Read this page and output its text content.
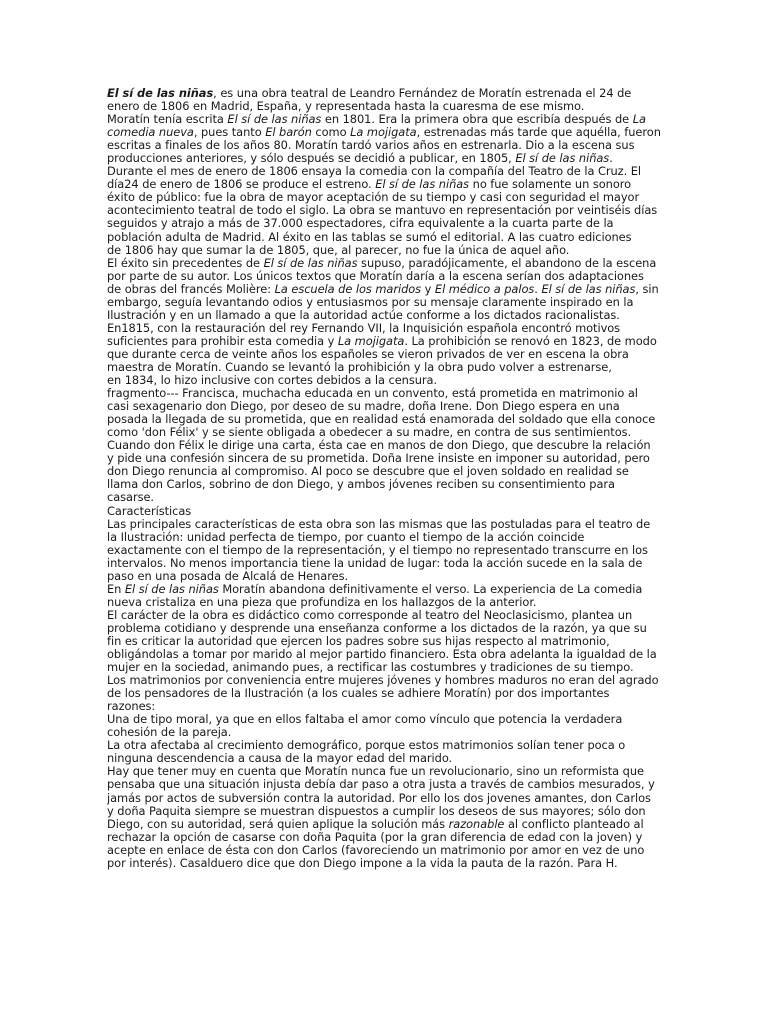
El sí de las niñas, es una obra teatral de Leandro Fernández de Moratín estrenada el 24 de
enero de 1806 en Madrid, España, y representada hasta la cuaresma de ese mismo.
Moratín tenía escrita El sí de las niñas en 1801. Era la primera obra que escribía después de La
comedia nueva, pues tanto El barón como La mojigata, estrenadas más tarde que aquélla, fueron
escritas a finales de los años 80. Moratín tardó varios años en estrenarla. Dio a la escena sus
producciones anteriores, y sólo después se decidió a publicar, en 1805, El sí de las niñas.
Durante el mes de enero de 1806 ensaya la comedia con la compañía del Teatro de la Cruz. El
día24 de enero de 1806 se produce el estreno. El sí de las niñas no fue solamente un sonoro
éxito de público: fue la obra de mayor aceptación de su tiempo y casi con seguridad el mayor
acontecimiento teatral de todo el siglo. La obra se mantuvo en representación por veintiséis días
seguidos y atrajo a más de 37.000 espectadores, cifra equivalente a la cuarta parte de la
población adulta de Madrid. Al éxito en las tablas se sumó el editorial. A las cuatro ediciones
de 1806 hay que sumar la de 1805, que, al parecer, no fue la única de aquel año.
El éxito sin precedentes de El sí de las niñas supuso, paradójicamente, el abandono de la escena
por parte de su autor. Los únicos textos que Moratín daría a la escena serían dos adaptaciones
de obras del francés Molière: La escuela de los maridos y El médico a palos. El sí de las niñas, sin
embargo, seguía levantando odios y entusiasmos por su mensaje claramente inspirado en la
Ilustración y en un llamado a que la autoridad actúe conforme a los dictados racionalistas.
En1815, con la restauración del rey Fernando VII, la Inquisición española encontró motivos
suficientes para prohibir esta comedia y La mojigata. La prohibición se renovó en 1823, de modo
que durante cerca de veinte años los españoles se vieron privados de ver en escena la obra
maestra de Moratín. Cuando se levantó la prohibición y la obra pudo volver a estrenarse,
en 1834, lo hizo inclusive con cortes debidos a la censura.
fragmento--- Francisca, muchacha educada en un convento, está prometida en matrimonio al
casi sexagenario don Diego, por deseo de su madre, doña Irene. Don Diego espera en una
posada la llegada de su prometida, que en realidad está enamorada del soldado que ella conoce
como 'don Félix' y se siente obligada a obedecer a su madre, en contra de sus sentimientos.
Cuando don Félix le dirige una carta, ésta cae en manos de don Diego, que descubre la relación
y pide una confesión sincera de su prometida. Doña Irene insiste en imponer su autoridad, pero
don Diego renuncia al compromiso. Al poco se descubre que el joven soldado en realidad se
llama don Carlos, sobrino de don Diego, y ambos jóvenes reciben su consentimiento para
casarse.
Características
Las principales características de esta obra son las mismas que las postuladas para el teatro de
la Ilustración: unidad perfecta de tiempo, por cuanto el tiempo de la acción coincide
exactamente con el tiempo de la representación, y el tiempo no representado transcurre en los
intervalos. No menos importancia tiene la unidad de lugar: toda la acción sucede en la sala de
paso en una posada de Alcalá de Henares.
En El sí de las niñas Moratín abandona definitivamente el verso. La experiencia de La comedia
nueva cristaliza en una pieza que profundiza en los hallazgos de la anterior.
El carácter de la obra es didáctico como corresponde al teatro del Neoclasicismo, plantea un
problema cotidiano y desprende una enseñanza conforme a los dictados de la razón, ya que su
fin es criticar la autoridad que ejercen los padres sobre sus hijas respecto al matrimonio,
obligándolas a tomar por marido al mejor partido financiero. Esta obra adelanta la igualdad de la
mujer en la sociedad, animando pues, a rectificar las costumbres y tradiciones de su tiempo.
Los matrimonios por conveniencia entre mujeres jóvenes y hombres maduros no eran del agrado
de los pensadores de la Ilustración (a los cuales se adhiere Moratín) por dos importantes
razones:
Una de tipo moral, ya que en ellos faltaba el amor como vínculo que potencia la verdadera
cohesión de la pareja.
La otra afectaba al crecimiento demográfico, porque estos matrimonios solían tener poca o
ninguna descendencia a causa de la mayor edad del marido.
Hay que tener muy en cuenta que Moratín nunca fue un revolucionario, sino un reformista que
pensaba que una situación injusta debía dar paso a otra justa a través de cambios mesurados, y
jamás por actos de subversión contra la autoridad. Por ello los dos jovenes amantes, don Carlos
y doña Paquita siempre se muestran dispuestos a cumplir los deseos de sus mayores; sólo don
Diego, con su autoridad, será quien aplique la solución más razonable al conflicto planteado al
rechazar la opción de casarse con doña Paquita (por la gran diferencia de edad con la joven) y
acepte en enlace de ésta con don Carlos (favoreciendo un matrimonio por amor en vez de uno
por interés). Casalduero dice que don Diego impone a la vida la pauta de la razón. Para H.
